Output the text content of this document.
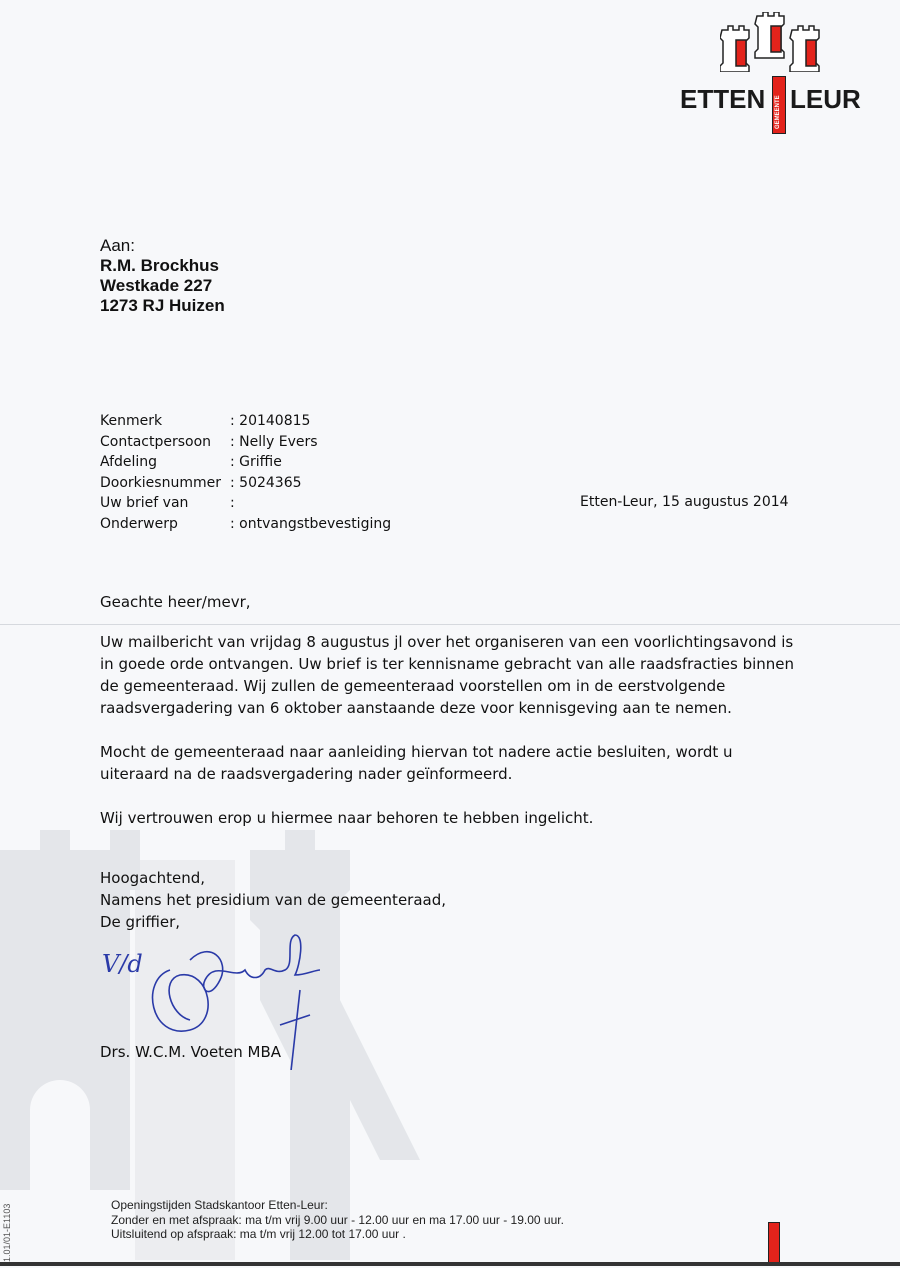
ETTEN GEMEENTE LEUR
Aan:
R.M. Brockhus
Westkade 227
1273 RJ Huizen
Kenmerk	: 20140815
Contactpersoon	: Nelly Evers
Afdeling	: Griffie
Doorkiesnummer : 5024365
Uw brief van	:
Onderwerp	: ontvangstbevestiging
Etten-Leur, 15 augustus 2014

Geachte heer/mevr,

Uw mailbericht van vrijdag 8 augustus jl over het organiseren van een voorlichtingsavond is in goede orde ontvangen. Uw brief is ter kennisname gebracht van alle raadsfracties binnen de gemeenteraad. Wij zullen de gemeenteraad voorstellen om in de eerstvolgende raadsvergadering van 6 oktober aanstaande deze voor kennisgeving aan te nemen.

Mocht de gemeenteraad naar aanleiding hiervan tot nadere actie besluiten, wordt u uiteraard na de raadsvergadering nader geïnformeerd.

Wij vertrouwen erop u hiermee naar behoren te hebben ingelicht.

Hoogachtend,
Namens het presidium van de gemeenteraad,
De griffier,
V/d
Drs. W.C.M. Voeten MBA
Openingstijden Stadskantoor Etten-Leur:
Zonder en met afspraak: ma t/m vrij 9.00 uur - 12.00 uur en ma 17.00 uur - 19.00 uur.
Uitsluitend op afspraak: ma t/m vrij 12.00 tot 17.00 uur .
1.01/01-E1103
